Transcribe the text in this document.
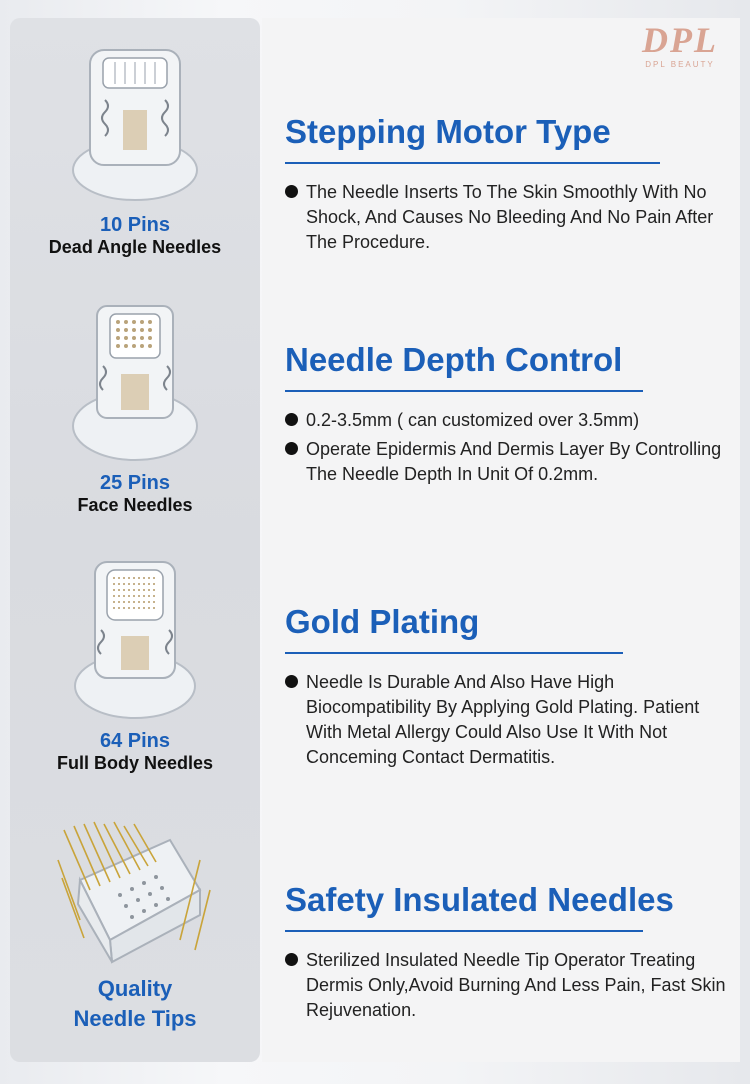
DPL
DPL BEAUTY
10 Pins
Dead Angle Needles
25 Pins
Face Needles
64 Pins
Full Body Needles
Quality
Needle Tips
Stepping Motor Type
The Needle Inserts To The Skin Smoothly With No Shock, And Causes No Bleeding And No Pain After The Procedure.
Needle Depth Control
0.2-3.5mm ( can customized over 3.5mm)
Operate Epidermis And Dermis Layer By Controlling The Needle Depth In Unit Of 0.2mm.
Gold Plating
Needle Is Durable And Also Have High Biocompatibility By Applying Gold Plating. Patient With Metal Allergy Could Also Use It With Not Conceming Contact Dermatitis.
Safety Insulated Needles
Sterilized Insulated Needle Tip Operator Treating Dermis Only,Avoid Burning And Less Pain, Fast Skin Rejuvenation.
